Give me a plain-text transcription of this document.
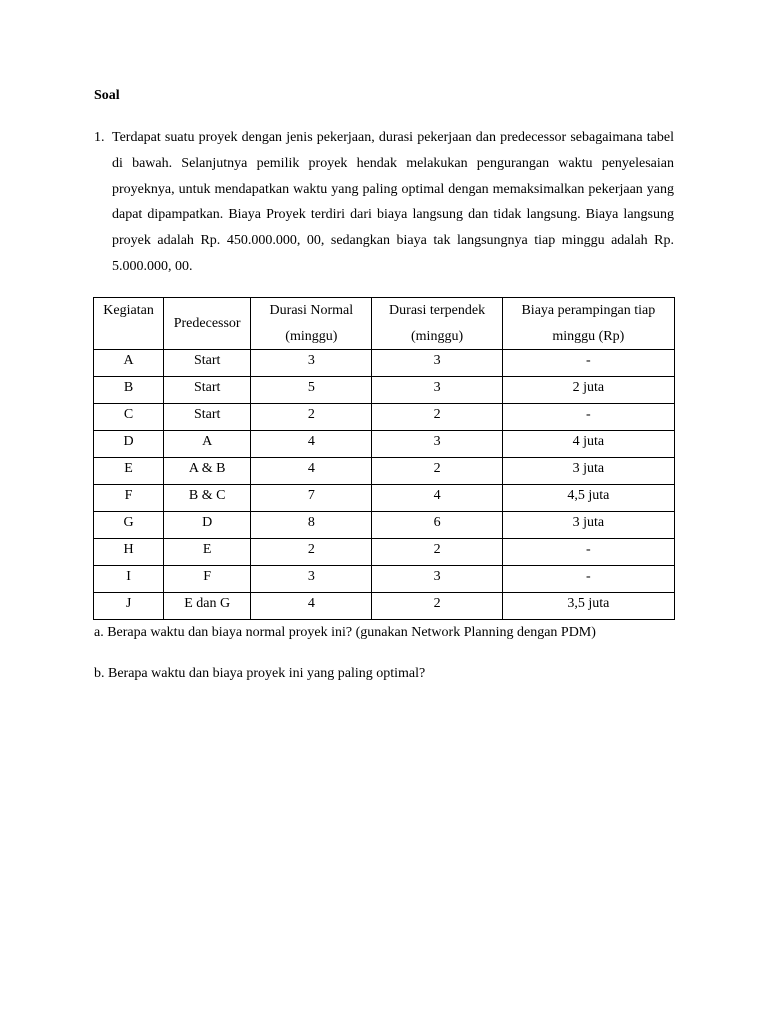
Soal

1. Terdapat suatu proyek dengan jenis pekerjaan, durasi pekerjaan dan predecessor sebagaimana tabel di bawah. Selanjutnya pemilik proyek hendak melakukan pengurangan waktu penyelesaian proyeknya, untuk mendapatkan waktu yang paling optimal dengan memaksimalkan pekerjaan yang dapat dipampatkan. Biaya Proyek terdiri dari biaya langsung dan tidak langsung. Biaya langsung proyek adalah Rp. 450.000.000, 00, sedangkan biaya tak langsungnya tiap minggu adalah Rp. 5.000.000, 00.

Kegiatan	Predecessor	Durasi Normal (minggu)	Durasi terpendek (minggu)	Biaya perampingan tiap minggu (Rp)
A	Start	3	3	-
B	Start	5	3	2 juta
C	Start	2	2	-
D	A	4	3	4 juta
E	A & B	4	2	3 juta
F	B & C	7	4	4,5 juta
G	D	8	6	3 juta
H	E	2	2	-
I	F	3	3	-
J	E dan G	4	2	3,5 juta

a. Berapa waktu dan biaya normal proyek ini? (gunakan Network Planning dengan PDM)

b. Berapa waktu dan biaya proyek ini yang paling optimal?
